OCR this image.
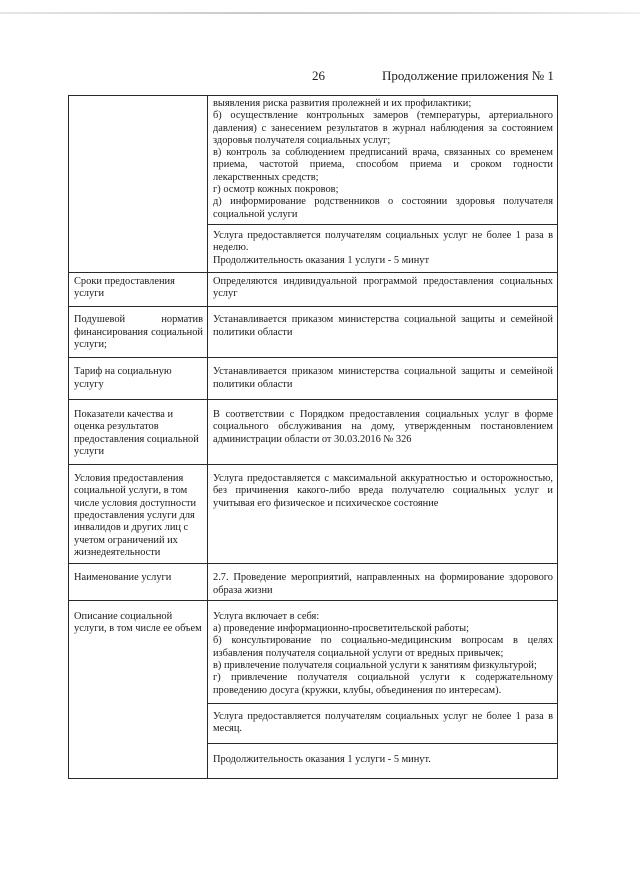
26	Продолжение приложения № 1

	выявления риска развития пролежней и их профилактики;
б) осуществление контрольных замеров (температуры, артериального давления) с занесением результатов в журнал наблюдения за состоянием здоровья получателя социальных услуг;
в) контроль за соблюдением предписаний врача, связанных со временем приема, частотой приема, способом приема и сроком годности лекарственных средств;
г) осмотр кожных покровов;
д) информирование родственников о состоянии здоровья получателя социальной услуги

	Услуга предоставляется получателям социальных услуг не более 1 раза в неделю.
Продолжительность оказания 1 услуги - 5 минут

Сроки предоставления услуги	Определяются индивидуальной программой предоставления социальных услуг
Подушевой норматив финансирования социальной услуги;	Устанавливается приказом министерства социальной защиты и семейной политики области
Тариф на социальную услугу	Устанавливается приказом министерства социальной защиты и семейной политики области
Показатели качества и оценка результатов предоставления социальной услуги	В соответствии с Порядком предоставления социальных услуг в форме социального обслуживания на дому, утвержденным постановлением администрации области от 30.03.2016 № 326
Условия предоставления социальной услуги, в том числе условия доступности предоставления услуги для инвалидов и других лиц с учетом ограничений их жизнедеятельности	Услуга предоставляется с максимальной аккуратностью и осторожностью, без причинения какого-либо вреда получателю социальных услуг и учитывая его физическое и психическое состояние
Наименование услуги	2.7. Проведение мероприятий, направленных на формирование здорового образа жизни
Описание социальной услуги, в том числе ее объем	Услуга включает в себя:
а) проведение информационно-просветительской работы;
б) консультирование по социально-медицинским вопросам в целях избавления получателя социальной услуги от вредных привычек;
в) привлечение получателя социальной услуги к занятиям физкультурой;
г) привлечение получателя социальной услуги к содержательному проведению досуга (кружки, клубы, объединения по интересам).

	Услуга предоставляется получателям социальных услуг не более 1 раза в месяц.
	Продолжительность оказания 1 услуги - 5 минут.
